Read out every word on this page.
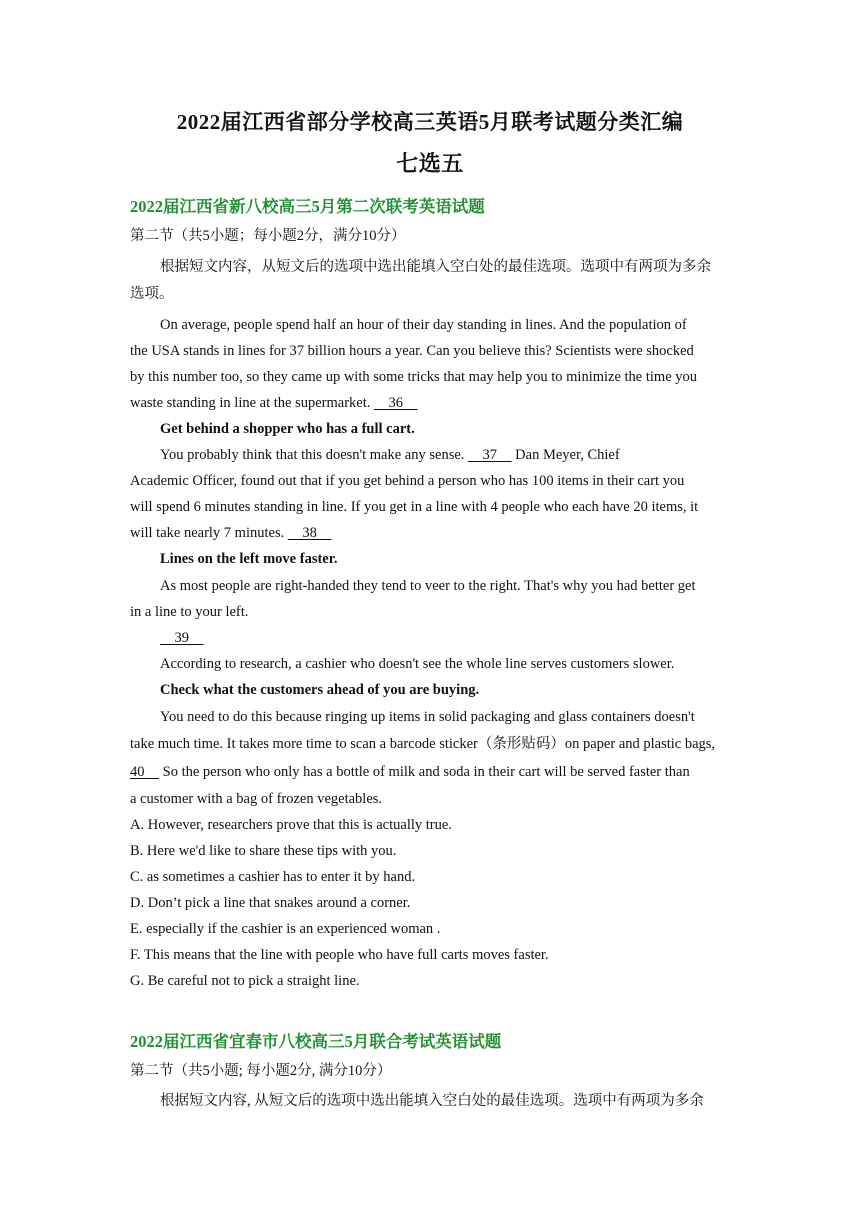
2022届江西省部分学校高三英语5月联考试题分类汇编
七选五
2022届江西省新八校高三5月第二次联考英语试题
第二节（共5小题；每小题2分，满分10分）
根据短文内容，从短文后的选项中选出能填入空白处的最佳选项。选项中有两项为多余
选项。
On average, people spend half an hour of their day standing in lines. And the population of
the USA stands in lines for 37 billion hours a year. Can you believe this? Scientists were shocked
by this number too, so they came up with some tricks that may help you to minimize the time you
waste standing in line at the supermarket.     36
Get behind a shopper who has a full cart.
You probably think that this doesn't make any sense.     37     Dan Meyer, Chief
Academic Officer, found out that if you get behind a person who has 100 items in their cart you
will spend 6 minutes standing in line. If you get in a line with 4 people who each have 20 items, it
will take nearly 7 minutes.     38
Lines on the left move faster.
As most people are right-handed they tend to veer to the right. That's why you had better get
in a line to your left.
39
According to research, a cashier who doesn't see the whole line serves customers slower.
Check what the customers ahead of you are buying.
You need to do this because ringing up items in solid packaging and glass containers doesn't
take much time. It takes more time to scan a barcode sticker（条形贴码）on paper and plastic bags,
40     So the person who only has a bottle of milk and soda in their cart will be served faster than
a customer with a bag of frozen vegetables.
A. However, researchers prove that this is actually true.
B. Here we'd like to share these tips with you.
C. as sometimes a cashier has to enter it by hand.
D. Don’t pick a line that snakes around a corner.
E. especially if the cashier is an experienced woman .
F. This means that the line with people who have full carts moves faster.
G. Be careful not to pick a straight line.
2022届江西省宜春市八校高三5月联合考试英语试题
第二节（共5小题; 每小题2分, 满分10分）
根据短文内容, 从短文后的选项中选出能填入空白处的最佳选项。选项中有两项为多余
